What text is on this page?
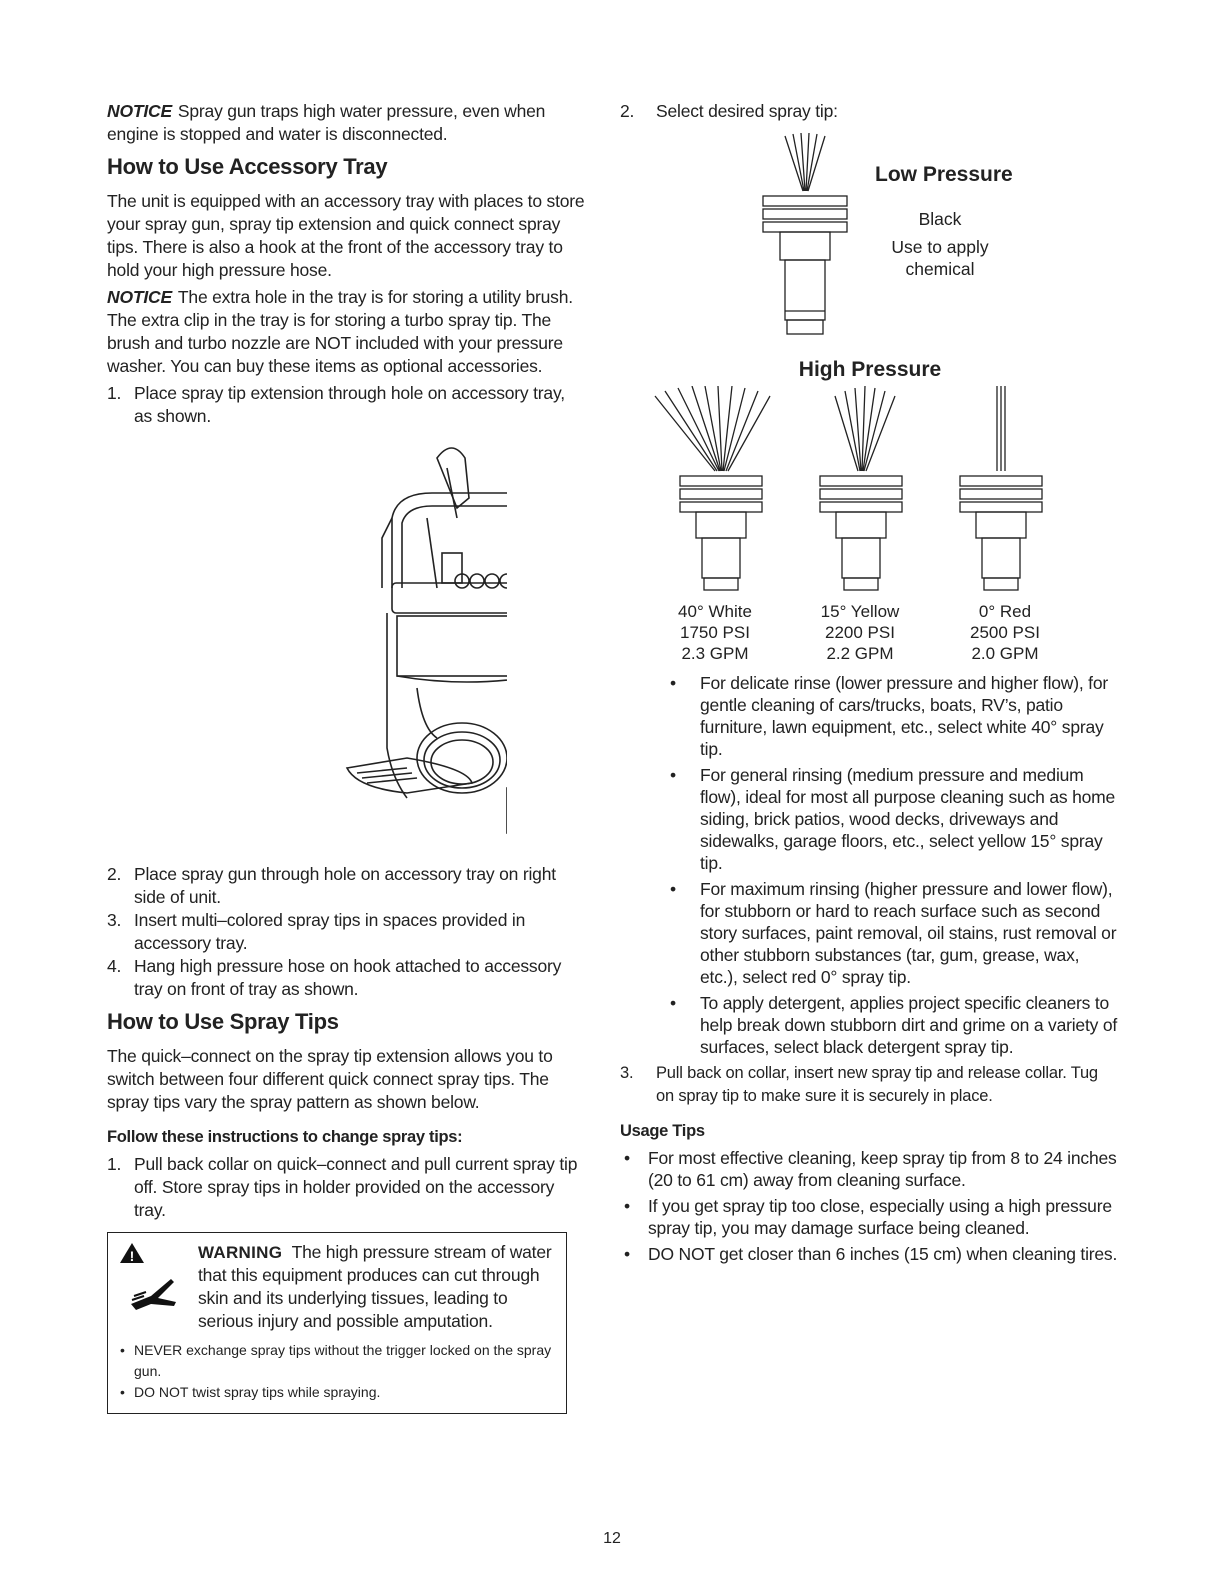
NOTICE Spray gun traps high water pressure, even when engine is stopped and water is disconnected.

How to Use Accessory Tray

The unit is equipped with an accessory tray with places to store your spray gun, spray tip extension and quick connect spray tips. There is also a hook at the front of the accessory tray to hold your high pressure hose.

NOTICE The extra hole in the tray is for storing a utility brush. The extra clip in the tray is for storing a turbo spray tip. The brush and turbo nozzle are NOT included with your pressure washer. You can buy these items as optional accessories.

1. Place spray tip extension through hole on accessory tray, as shown.
2. Place spray gun through hole on accessory tray on right side of unit.
3. Insert multi–colored spray tips in spaces provided in accessory tray.
4. Hang high pressure hose on hook attached to accessory tray on front of tray as shown.
How to Use Spray Tips

The quick–connect on the spray tip extension allows you to switch between four different quick connect spray tips. The spray tips vary the spray pattern as shown below.

Follow these instructions to change spray tips:
1. Pull back collar on quick–connect and pull current spray tip off. Store spray tips in holder provided on the accessory tray.
!	WARNING The high pressure stream of water that this equipment produces can cut through skin and its underlying tissues, leading to serious injury and possible amputation.
• NEVER exchange spray tips without the trigger locked on the spray gun.
• DO NOT twist spray tips while spraying.
2.	Select desired spray tip:
Low Pressure
Black
Use to apply chemical
High Pressure
40° White
1750 PSI
2.3 GPM
15° Yellow
2200 PSI
2.2 GPM
0° Red
2500 PSI
2.0 GPM
•	For delicate rinse (lower pressure and higher flow), for gentle cleaning of cars/trucks, boats, RV’s, patio furniture, lawn equipment, etc., select white 40° spray tip.
•	For general rinsing (medium pressure and medium flow), ideal for most all purpose cleaning such as home siding, brick patios, wood decks, driveways and sidewalks, garage floors, etc., select yellow 15° spray tip.
•	For maximum rinsing (higher pressure and lower flow), for stubborn or hard to reach surface such as second story surfaces, paint removal, oil stains, rust removal or other stubborn substances (tar, gum, grease, wax, etc.), select red 0° spray tip.
•	To apply detergent, applies project specific cleaners to help break down stubborn dirt and grime on a variety of surfaces, select black detergent spray tip.
3.	Pull back on collar, insert new spray tip and release collar. Tug on spray tip to make sure it is securely in place.
Usage Tips
•	For most effective cleaning, keep spray tip from 8 to 24 inches (20 to 61 cm) away from cleaning surface.
•	If you get spray tip too close, especially using a high pressure spray tip, you may damage surface being cleaned.
•	DO NOT get closer than 6 inches (15 cm) when cleaning tires.
12
